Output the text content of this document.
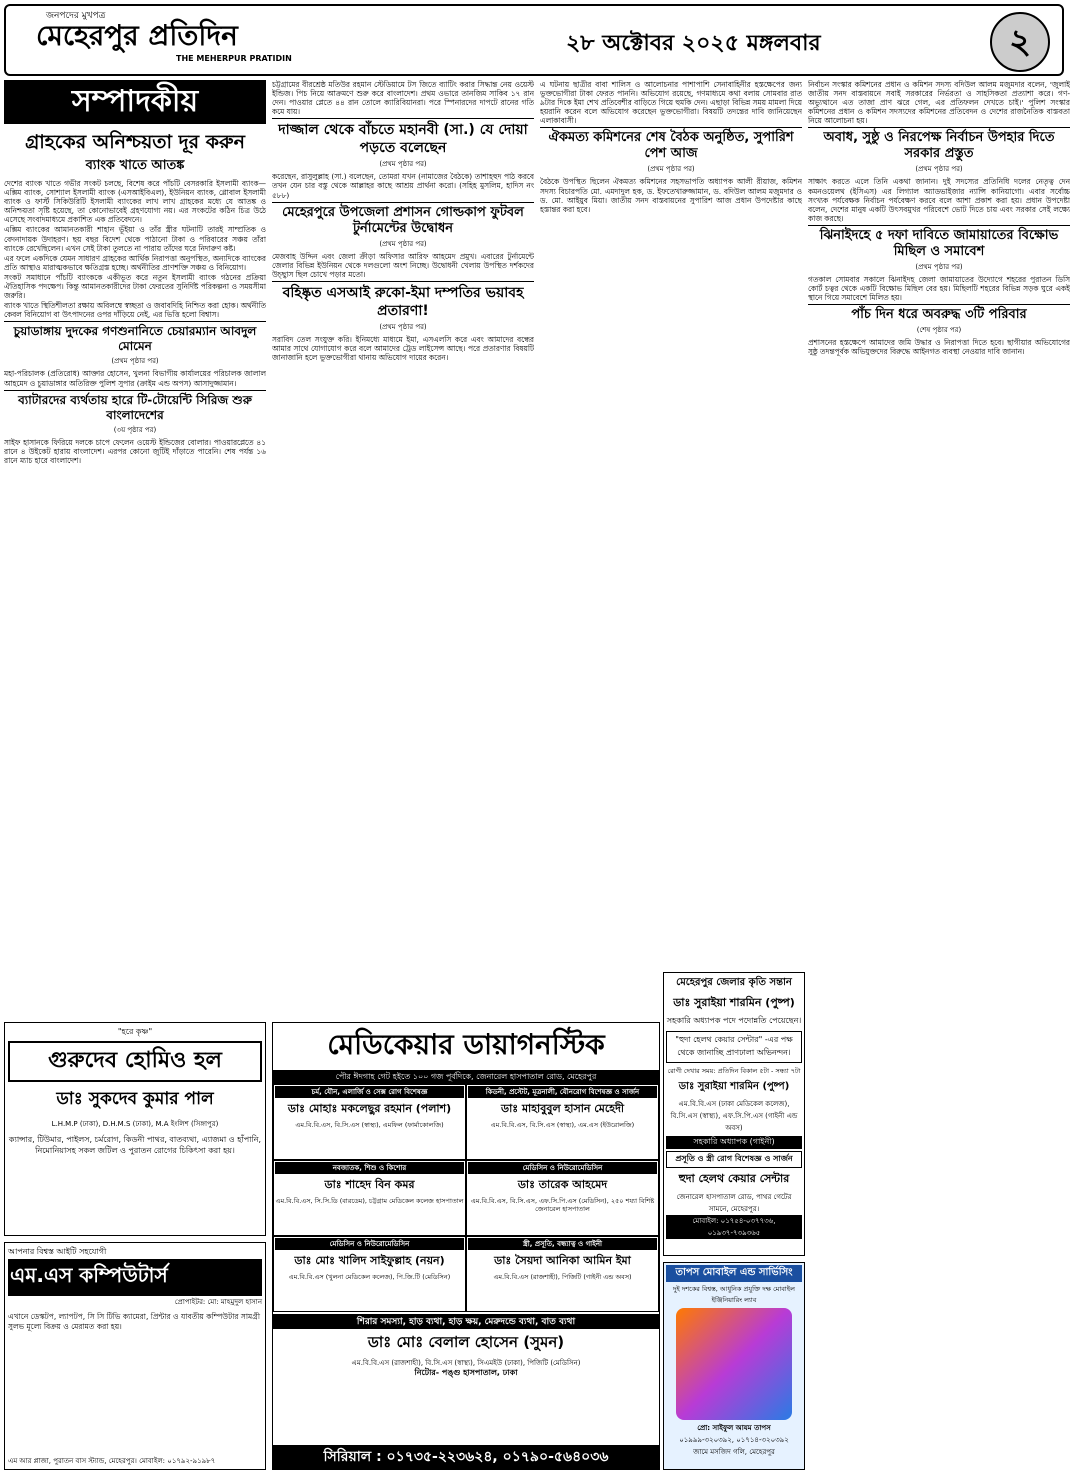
জনপদের মুখপত্র
মেহেরপুর প্রতিদিন
THE MEHERPUR PRATIDIN
২৮ অক্টোবর ২০২৫ মঙ্গলবার	২
সম্পাদকীয়
গ্রাহকের অনিশ্চয়তা দূর করুন
ব্যাংক খাতে আতঙ্ক

দেশের ব্যাংক খাতে গভীর সংকট চলছে, বিশেষ করে পাঁচটি বেসরকারি ইসলামী ব্যাংক—এক্সিম ব্যাংক, সোশ্যাল ইসলামী ব্যাংক (এসআইবিএল), ইউনিয়ন ব্যাংক, গ্লোবাল ইসলামী ব্যাংক ও ফার্স্ট সিকিউরিটি ইসলামী ব্যাংকের লাখ লাখ গ্রাহকের মধ্যে যে আতঙ্ক ও অনিশ্চয়তা সৃষ্টি হয়েছে, তা কোনোভাবেই গ্রহণযোগ্য নয়। এর সংকটের কঠিন চিত্র উঠে এসেছে সংবাদমাধ্যমে প্রকাশিত এক প্রতিবেদনে।

এক্সিম ব্যাংকের আমানতকারী শাহান ভূঁইয়া ও তাঁর স্ত্রীর ঘটনাটি তারই সাম্প্রতিক ও বেদনাদায়ক উদাহরণ। ছয় বছর বিদেশ থেকে পাঠানো টাকা ও পরিবারের সঞ্চয় তাঁরা ব্যাংকে রেখেছিলেন। এখন সেই টাকা তুলতে না পারায় তাঁদের ঘরে নিদারুণ কষ্ট।

এর ফলে একদিকে যেমন সাধারণ গ্রাহকের আর্থিক নিরাপত্তা অনুপস্থিত, অন্যদিকে ব্যাংকের প্রতি আস্থাও মারাত্মকভাবে ক্ষতিগ্রস্ত হচ্ছে। অর্থনীতির প্রাণশক্তি সঞ্চয় ও বিনিয়োগ।

সংকট সমাধানে পাঁচটি ব্যাংককে একীভূত করে নতুন ইসলামী ব্যাংক গঠনের প্রক্রিয়া ঐতিহাসিক পদক্ষেপ। কিন্তু আমানতকারীদের টাকা ফেরতের সুনির্দিষ্ট পরিকল্পনা ও সময়সীমা জরুরি।

ব্যাংক খাতে স্থিতিশীলতা রক্ষায় অবিলম্বে স্বচ্ছতা ও জবাবদিহি নিশ্চিত করা হোক। অর্থনীতি কেবল বিনিয়োগ বা উৎপাদনের ওপর দাঁড়িয়ে নেই, এর ভিত্তি হলো বিশ্বাস।

চুয়াডাঙ্গায় দুদকের গণশুনানিতে চেয়ারম্যান আবদুল মোমেন
(প্রথম পৃষ্ঠার পর)

মহা-পরিচালক (প্রতিরোধ) আক্তার হোসেন, খুলনা বিভাগীয় কার্যালয়ের পরিচালক জালাল আহমেদ ও চুয়াডাঙ্গার অতিরিক্ত পুলিশ সুপার (ক্রাইম এন্ড অপস) আসাদুজ্জামান।

ব্যাটারদের ব্যর্থতায় হারে টি-টোয়েন্টি সিরিজ শুরু বাংলাদেশের
(৩য় পৃষ্ঠার পর)

সাইফ হাসানকে ফিরিয়ে দলকে চাপে ফেলেন ওয়েস্ট ইন্ডিজের বোলার। পাওয়ারপ্লেতে ৪১ রানে ৪ উইকেট হারায় বাংলাদেশ। এরপর কোনো জুটিই দাঁড়াতে পারেনি। শেষ পর্যন্ত ১৬ রানে ম্যাচ হারে বাংলাদেশ।

চট্টগ্রামের বীরশ্রেষ্ঠ মতিউর রহমান স্টেডিয়ামে টস জিতে ব্যাটিং করার সিদ্ধান্ত নেয় ওয়েস্ট ইন্ডিজ। পিচ নিয়ে আক্রমণে শুরু করে বাংলাদেশ। প্রথম ওভারে তানজিম সাকিব ১৭ রান দেন। পাওয়ার প্লেতে ৪৪ রান তোলে ক্যারিবিয়ানরা। পরে স্পিনারদের দাপটে রানের গতি কমে যায়।

দাজ্জাল থেকে বাঁচতে মহানবী (সা.) যে দোয়া পড়তে বলেছেন
(প্রথম পৃষ্ঠার পর)

করেছেন, রাসুলুল্লাহ (সা.) বলেছেন, তোমরা যখন (নামাজের বৈঠকে) তাশাহহুদ পাঠ করবে তখন যেন চার বস্তু থেকে আল্লাহর কাছে আশ্রয় প্রার্থনা করো। (সহিহ মুসলিম, হাদিস নং ৫৮৮)

মেহেরপুরে উপজেলা প্রশাসন গোল্ডকাপ ফুটবল টুর্নামেন্টের উদ্বোধন
(প্রথম পৃষ্ঠার পর)

মেজবাহ উদ্দিন এবং জেলা ক্রীড়া অফিসার আরিফ আহমেদ প্রমুখ। এবারের টুর্নামেন্টে জেলার বিভিন্ন ইউনিয়ন থেকে দলগুলো অংশ নিচ্ছে। উদ্বোধনী খেলায় উপস্থিত দর্শকদের উচ্ছ্বাস ছিল চোখে পড়ার মতো।

বহিষ্কৃত এসআই রুকো-ইমা দম্পতির ভয়াবহ প্রতারণা!
(প্রথম পৃষ্ঠার পর)

সরাবিদ তেল সংযুক্ত করি। ইনিমধ্যে মাধ্যমে ইমা, এসএলসি করে এবং আমাদের বন্ধের আমার সাথে যোগাযোগ করে বলে আমাদের ট্রেড লাইসেন্স আছে। পরে প্রতারণার বিষয়টি জানাজানি হলে ভুক্তভোগীরা থানায় অভিযোগ দায়ের করেন।

এ ঘটনায় ছাত্রীর বাবা শালিস ও আলোচনার পাশাপাশি সেনাবাহিনীর হস্তক্ষেপের জন্য ভুক্তভোগীরা টাকা ফেরত পাননি। অভিযোগ রয়েছে, গণমাধ্যমে কথা বলায় সোমবার রাত ৯টার দিকে ইমা শেখ প্রতিবেশীর বাড়িতে গিয়ে হুমকি দেন। এছাড়া বিভিন্ন সময় মামলা দিয়ে হয়রানি করেন বলে অভিযোগ করেছেন ভুক্তভোগীরা। বিষয়টি তদন্তের দাবি জানিয়েছেন এলাকাবাসী।

ঐকমত্য কমিশনের শেষ বৈঠক অনুষ্ঠিত, সুপারিশ পেশ আজ
(প্রথম পৃষ্ঠার পর)

বৈঠকে উপস্থিত ছিলেন ঐকমত্য কমিশনের সহসভাপতি অধ্যাপক আলী রীয়াজ, কমিশন সদস্য বিচারপতি মো. এমদাদুল হক, ড. ইফতেখারুজ্জামান, ড. বদিউল আলম মজুমদার ও ড. মো. আইয়ুব মিয়া। জাতীয় সনদ বাস্তবায়নের সুপারিশ আজ প্রধান উপদেষ্টার কাছে হস্তান্তর করা হবে।

নির্বাচন সংস্কার কমিশনের প্রধান ও কমিশন সদস্য বদিউল আলম মজুমদার বলেন, 'জুলাই জাতীয় সনদ বাস্তবায়নে সবাই সরকারের নির্ভরতা ও সাহসিকতা প্রত্যাশা করে। গণ-অভ্যুত্থানে এত তাজা প্রাণ ঝরে গেল, এর প্রতিফলন দেখতে চাই।' পুলিশ সংস্কার কমিশনের প্রধান ও কমিশন সদস্যদের কমিশনের প্রতিবেদন ও দেশের রাজনৈতিক বাস্তবতা নিয়ে আলোচনা হয়।

অবাধ, সুষ্ঠু ও নিরপেক্ষ নির্বাচন উপহার দিতে সরকার প্রস্তুত
(প্রথম পৃষ্ঠার পর)

সাক্ষাৎ করতে এলে তিনি একথা জানান। দুই সদস্যের প্রতিনিধি দলের নেতৃত্ব দেন কমনওয়েলথ (ইসিএস) এর লিগ্যাল অ্যাডভাইজার ন্যান্সি কানিয়াগো। এবার সর্বোচ্চ সংখ্যক পর্যবেক্ষক নির্বাচন পর্যবেক্ষণ করবে বলে আশা প্রকাশ করা হয়। প্রধান উপদেষ্টা বলেন, দেশের মানুষ একটি উৎসবমুখর পরিবেশে ভোট দিতে চায় এবং সরকার সেই লক্ষ্যে কাজ করছে।

ঝিনাইদহে ৫ দফা দাবিতে জামায়াতের বিক্ষোভ মিছিল ও সমাবেশ
(প্রথম পৃষ্ঠার পর)

গতকাল সোমবার সকালে ঝিনাইদহ জেলা জামায়াতের উদ্যোগে শহরের পুরাতন ডিসি কোর্ট চত্বর থেকে একটি বিক্ষোভ মিছিল বের হয়। মিছিলটি শহরের বিভিন্ন সড়ক ঘুরে একই স্থানে গিয়ে সমাবেশে মিলিত হয়।

পাঁচ দিন ধরে অবরুদ্ধ ৩টি পরিবার
(শেষ পৃষ্ঠার পর)

প্রশাসনের হস্তক্ষেপে আমাদের জমি উদ্ধার ও নিরাপত্তা দিতে হবে। ছাগীয়ার অভিযোগের সুষ্ঠু তদন্তপূর্বক অভিযুক্তদের বিরুদ্ধে আইনগত ব্যবস্থা নেওয়ার দাবি জানান।

মেহেরপুর জেলার কৃতি সন্তান
ডাঃ সুরাইয়া শারমিন (পুষ্প)
সহকারি অধ্যাপক পদে পদোন্নতি পেয়েছেন।
"হুদা হেলথ কেয়ার সেন্টার" -এর পক্ষ থেকে জানাচ্ছি প্রাণঢালা অভিনন্দন।
রোগী দেখার সময়: প্রতিদিন বিকাল ৫টা - সন্ধ্যা ৭টা
ডাঃ সুরাইয়া শারমিন (পুষ্প)
এম.বি.বি.এস (ঢাকা মেডিকেল কলেজ), বি.সি.এস (স্বাস্থ্য), এফ.সি.পি.এস (গাইনী এন্ড অবস)
সহকারি অধ্যাপক (গাইনী)
প্রসূতি ও স্ত্রী রোগ বিশেষজ্ঞ ও সার্জন
হুদা হেলথ কেয়ার সেন্টার
জেনারেল হাসপাতাল রোড, পাথর গেটের সামনে, মেহেরপুর।
মোবাইল: ০১৭৫৪-০৩৭৭৩৬, ০১৯৩৭-৭৩৯৩৬৫
"হরে কৃষ্ণ"
গুরুদেব হোমিও হল
ডাঃ সুকদেব কুমার পাল
L.H.M.P (ঢাকা), D.H.M.S (ঢাকা), M.A ইংলিশ (সিঙ্গাপুর)
ক্যান্সার, টিউমার, পাইলস, চর্মরোগ, কিডনী পাথর, বাতব্যথা, এ্যাজমা ও হাঁপানি, নিমোনিয়াসহ সকল জটিল ও পুরাতন রোগের চিকিৎসা করা হয়।
আপনার বিশ্বস্ত আইটি সহযোগী
এম.এস কম্পিউটার্স
প্রোপাইটর: মো: মাহমুদুল হাসান
এখানে ডেস্কটপ, ল্যাপটপ, সি সি টিভি ক্যামেরা, প্রিন্টার ও যাবতীয় কম্পিউটার সামগ্রী সুলভ মূল্যে বিক্রয় ও মেরামত করা হয়।
এম আর প্লাজা, পুরাতন বাস স্ট্যান্ড, মেহেরপুর। মোবাইল: ০১৭৯২-৯১৯৮৭
মেডিকেয়ার ডায়াগনস্টিক
পৌর ঈদগাহ গেট হইতে ১০০ গজ পূর্বদিকে, জেনারেল হাসপাতাল রোড, মেহেরপুর
চর্ম, যৌন, এলার্জি ও সেক্স রোগ বিশেষজ্ঞ
ডাঃ মোহাঃ মকলেছুর রহমান (পলাশ)
এম.বি.বি.এস, বি.সি.এস (স্বাস্থ্য), এমফিল (ফার্মাকোলজি)
কিডনী, প্রস্টেট, মূত্রনালী, যৌনরোগ বিশেষজ্ঞ ও সার্জন
ডাঃ মাহাবুবুল হাসান মেহেদী
এম.বি.বি.এস, বি.সি.এস (স্বাস্থ্য), এম.এস (ইউরোলজি)
নবজাতক, শিশু ও কিশোর
ডাঃ শাহেদ বিন কমর
এম.বি.বি.এস, সি.সি.ডি (বারডেম), চট্টগ্রাম মেডিকেল কলেজ হাসপাতাল
মেডিসিন ও নিউরোমেডিসিন
ডাঃ তারেক আহমেদ
এম.বি.বি.এস, বি.সি.এস, এফ.সি.পি.এস (মেডিসিন), ২৫০ শয্যা বিশিষ্ট জেনারেল হাসপাতাল
মেডিসিন ও নিউরোমেডিসিন
ডাঃ মোঃ খালিদ সাইফুল্লাহ (নয়ন)
এম.বি.বি.এস (খুলনা মেডিকেল কলেজ), পি.জি.টি (মেডিসিন)
স্ত্রী, প্রসূতি, বন্ধ্যাত্ব ও গাইনী
ডাঃ সৈয়দা আনিকা আমিন ইমা
এম.বি.বি.এস (রাজশাহী), পিজিটি (গাইনী এন্ড অবস)
শিরার সমস্যা, হাড় ব্যথা, হাড় ক্ষয়, মেরুদন্ডে ব্যথা, বাত ব্যথা
ডাঃ মোঃ বেলাল হোসেন (সুমন)
এম.বি.বি.এস (রাজশাহী), বি.সি.এস (স্বাস্থ্য), সিএমইউ (ঢাকা), পিজিটি (মেডিসিন)
নিটোর- পঙ্গু হাসপাতাল, ঢাকা
সিরিয়াল : ০১৭৩৫-২২৩৬২৪, ০১৭৯০-৫৬৪০৩৬
তাপস মোবাইল এন্ড সার্ভিসিং
দুই দশকের বিশ্বস্ত, আধুনিক প্রযুক্তি দক্ষ মোবাইল ইঞ্জিনিয়ারিং ল্যাব
প্রো: সাইফুল আযম তাপস
০১৯৯৯-৩২০৩৯২, ০১৭১৪-৩২০৩৯২
জামে মসজিদ গলি, মেহেরপুর
